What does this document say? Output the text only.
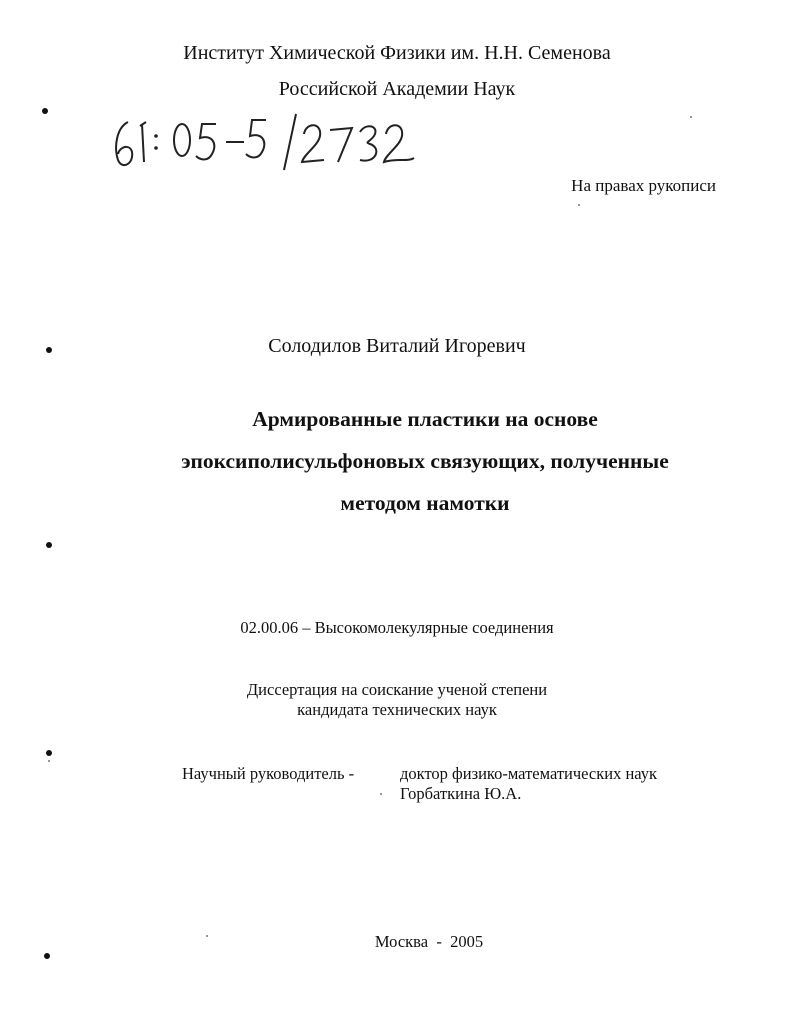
Институт Химической Физики им. Н.Н. Семенова
Российской Академии Наук
На правах рукописи
Солодилов Виталий Игоревич
Армированные пластики на основе
эпоксиполисульфоновых связующих, полученные
методом намотки
02.00.06 – Высокомолекулярные соединения
Диссертация на соискание ученой степени
кандидата технических наук
Научный руководитель -	доктор физико-математических наук
Горбаткина Ю.А.
Москва  -  2005
